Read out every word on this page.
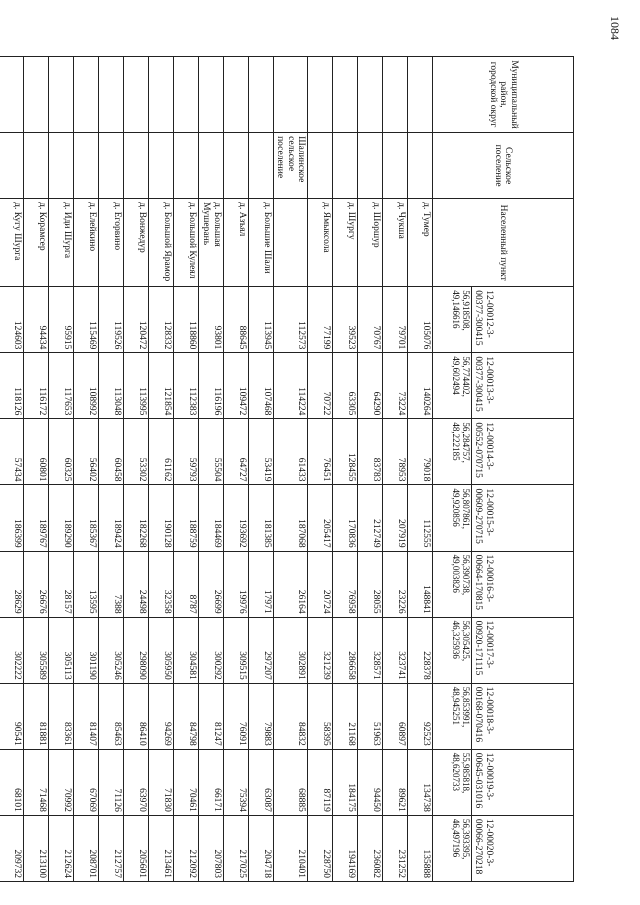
1084
Муниципальный район, городской округ	Сельское поселение	Населенный пункт	12-00012-3-00377-300415	12-00013-3-00377-300415	12-00014-3-00552-070715	12-00015-3-00609-270715	12-00016-3-00664-170815	12-00017-3-00920-171115	12-00018-3-00168-070416	12-00019-3-00645-031016	12-00020-3-00066-270218
			56,918508, 49,146616	56,774402, 49,602494	56,284757, 48,222185	56,807861, 49,920856	56,390738, 49,003826	56,305425, 46,325936	56,853991, 48,945251	55,985818, 48,620733	56,393395, 46,497196
		д. Тумер	105076	140264	79018	112555	148841	228378	92523	134738	135888
		д. Чукша	79701	73224	78953	207919	23226	323741	60897	89621	231252
		д. Шоршур	70767	64290	83783	212749	28055	328571	51963	94450	236082
		д. Шургу	39523	63305	128455	170836	76958	286658	21168	184175	194169
		д. Ямыксола	77199	70722	76451	205417	20724	321239	58395	87119	228750
	Шалинское сельское поселение		112573	114224	61433	187068	26164	302891	84832	68885	210401
		д. Большие Шали	113945	107468	53419	181385	17971	297207	79883	63087	204718
		д. Азъял	88645	109472	64727	193692	19976	309515	76091	75394	217025
		д. Большая Мушерань	93801	116196	55504	184469	26699	300292	81247	66171	207803
		д. Большой Кулеял	118860	112383	59793	188759	8787	304581	84798	70461	212092
		д. Большой Ярамор	128332	121854	61162	190128	32358	305950	94269	71830	213461
		д. Вонжедур	120472	113995	53302	182268	24498	298090	86410	63970	205601
		д. Егорвино	119526	113048	60458	189424	7388	305246	85463	71126	212757
		д. Елейкино	115469	108992	56402	185367	13595	301190	81407	67069	208701
		д. Иди Шурга	95915	117653	60325	189290	28157	305113	83361	70992	212624
		д. Корамсер	94434	116172	60801	189767	26676	305589	81881	71468	213100
		д. Кугу Шурга	124603	118126	57434	186399	28629	302222	90541	68101	209732
